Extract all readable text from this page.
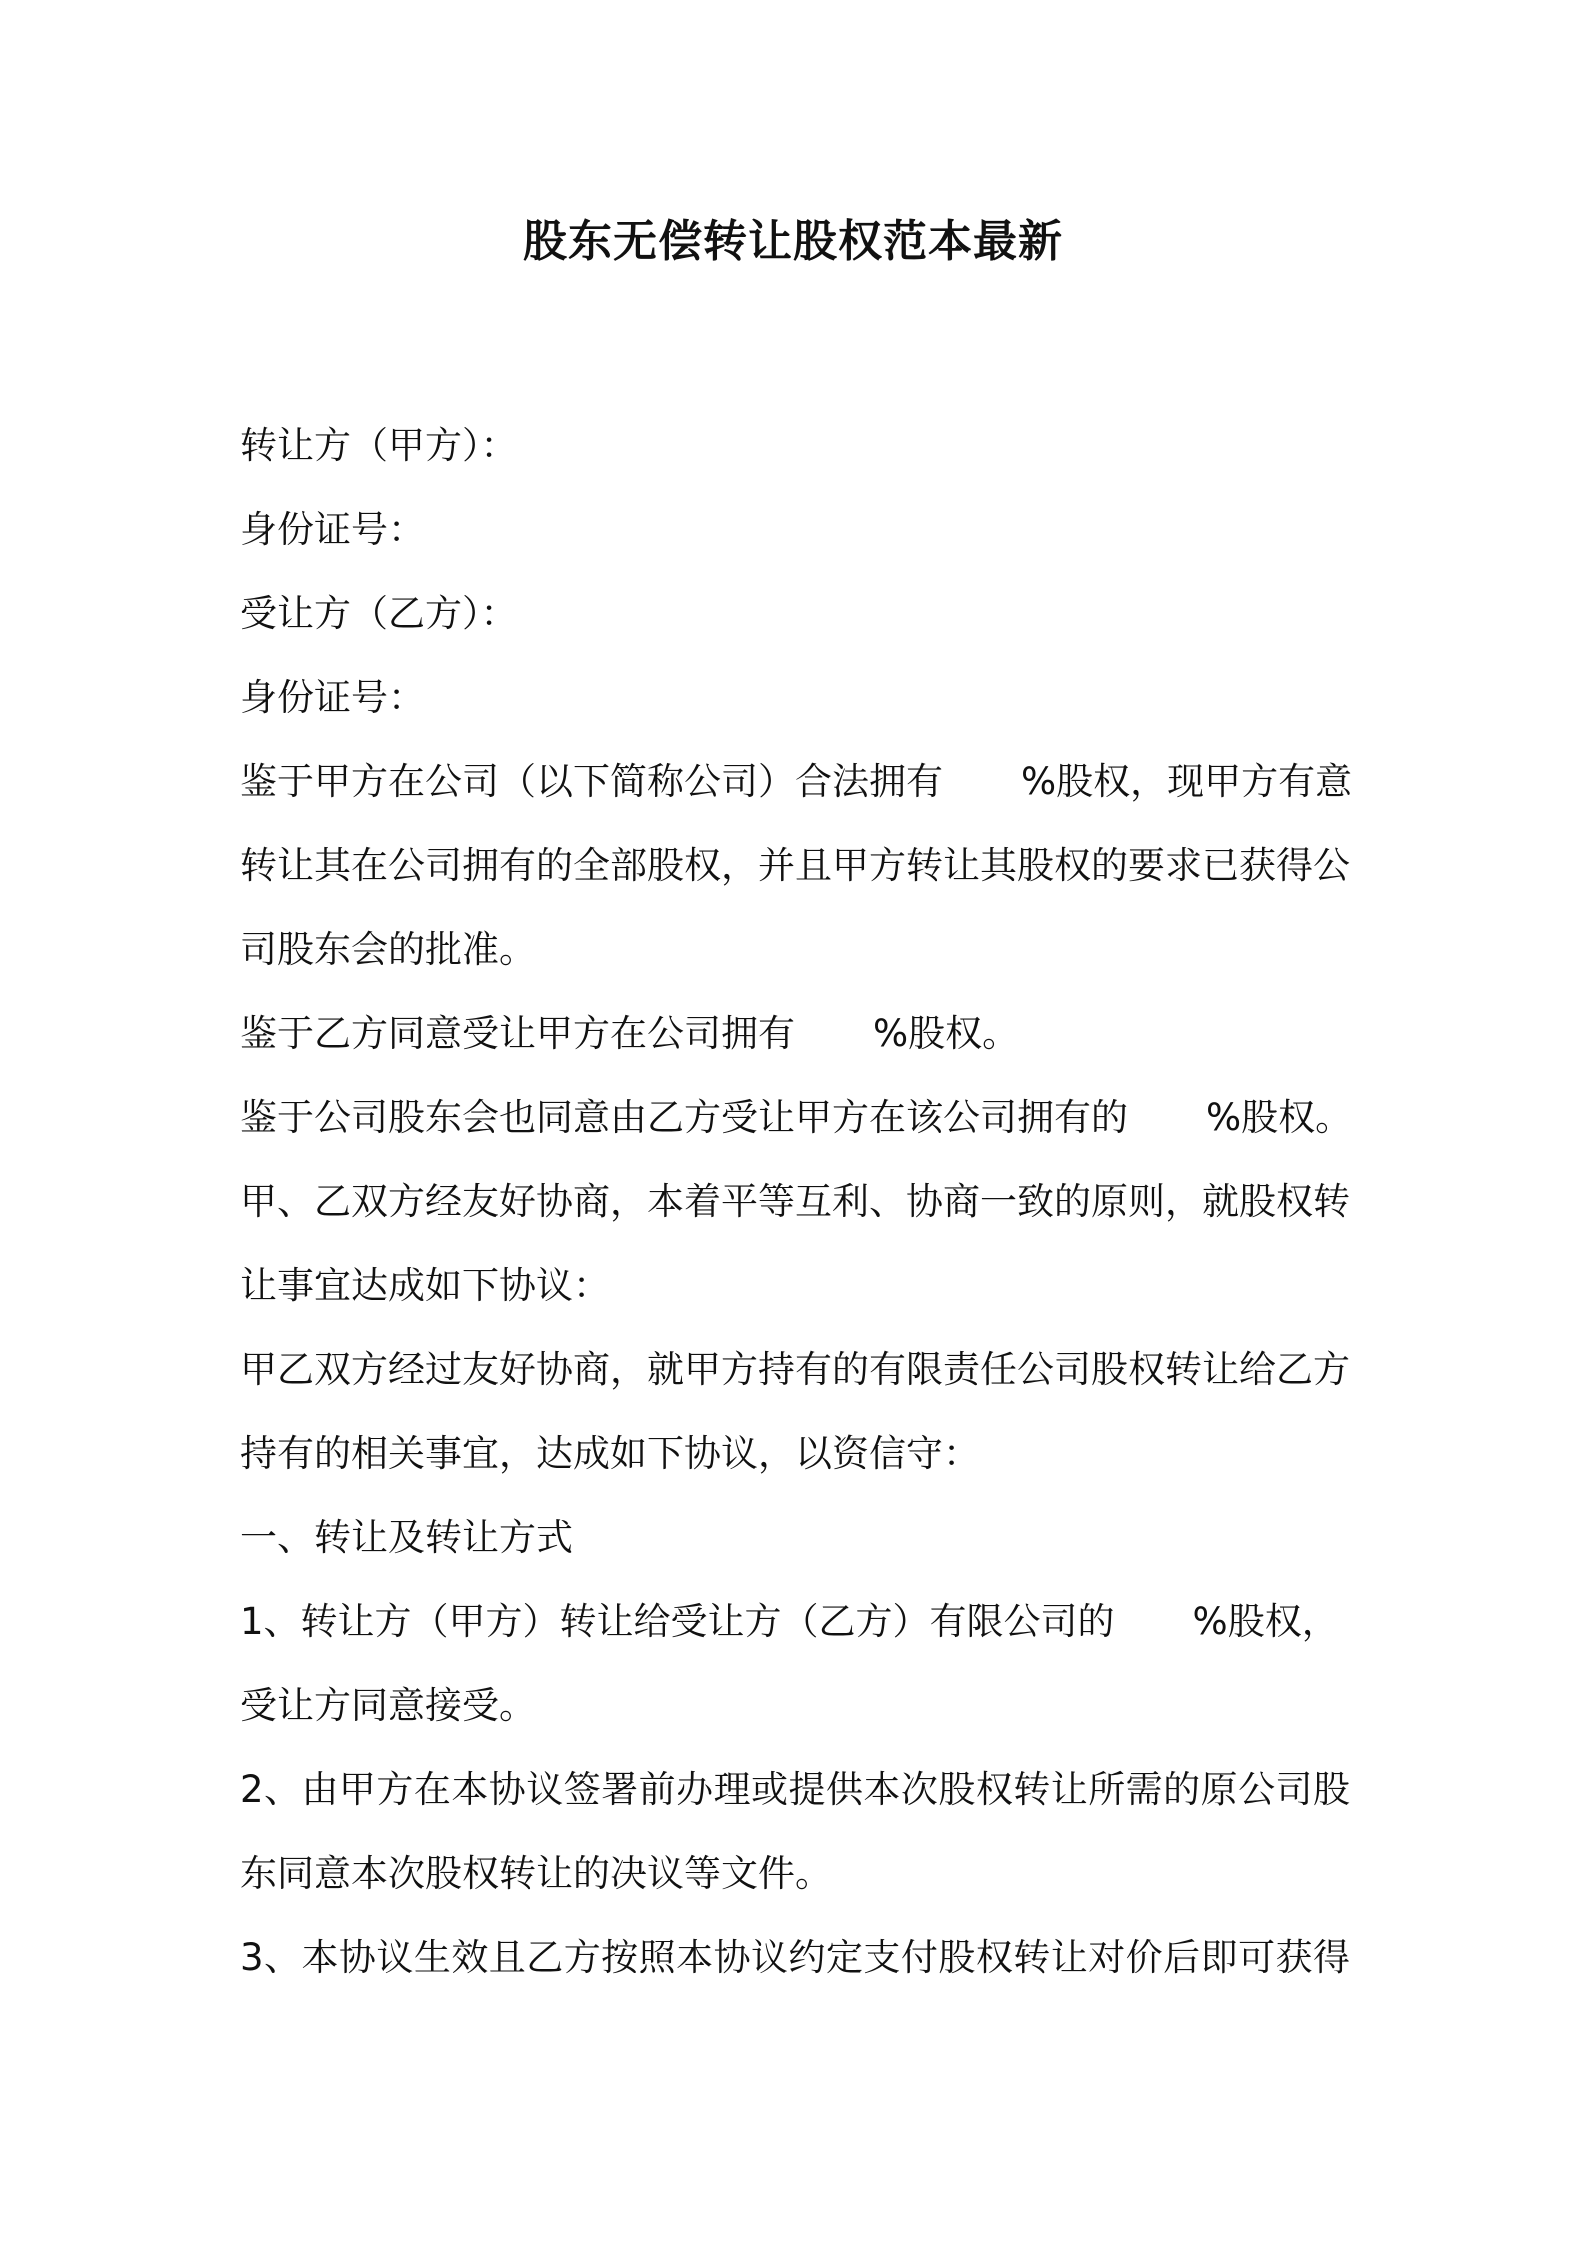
股东无偿转让股权范本最新
转让方（甲方）：
身份证号：
受让方（乙方）：
身份证号：
鉴于甲方在公司（以下简称公司）合法拥有 %股权，现甲方有意
转让其在公司拥有的全部股权，并且甲方转让其股权的要求已获得公
司股东会的批准。
鉴于乙方同意受让甲方在公司拥有 %股权。
鉴于公司股东会也同意由乙方受让甲方在该公司拥有的 %股权。
甲、乙双方经友好协商，本着平等互利、协商一致的原则，就股权转
让事宜达成如下协议：
甲乙双方经过友好协商，就甲方持有的有限责任公司股权转让给乙方
持有的相关事宜，达成如下协议，以资信守：
一、转让及转让方式
1、转让方（甲方）转让给受让方（乙方）有限公司的 %股权，
受让方同意接受。
2、由甲方在本协议签署前办理或提供本次股权转让所需的原公司股
东同意本次股权转让的决议等文件。
3、本协议生效且乙方按照本协议约定支付股权转让对价后即可获得
